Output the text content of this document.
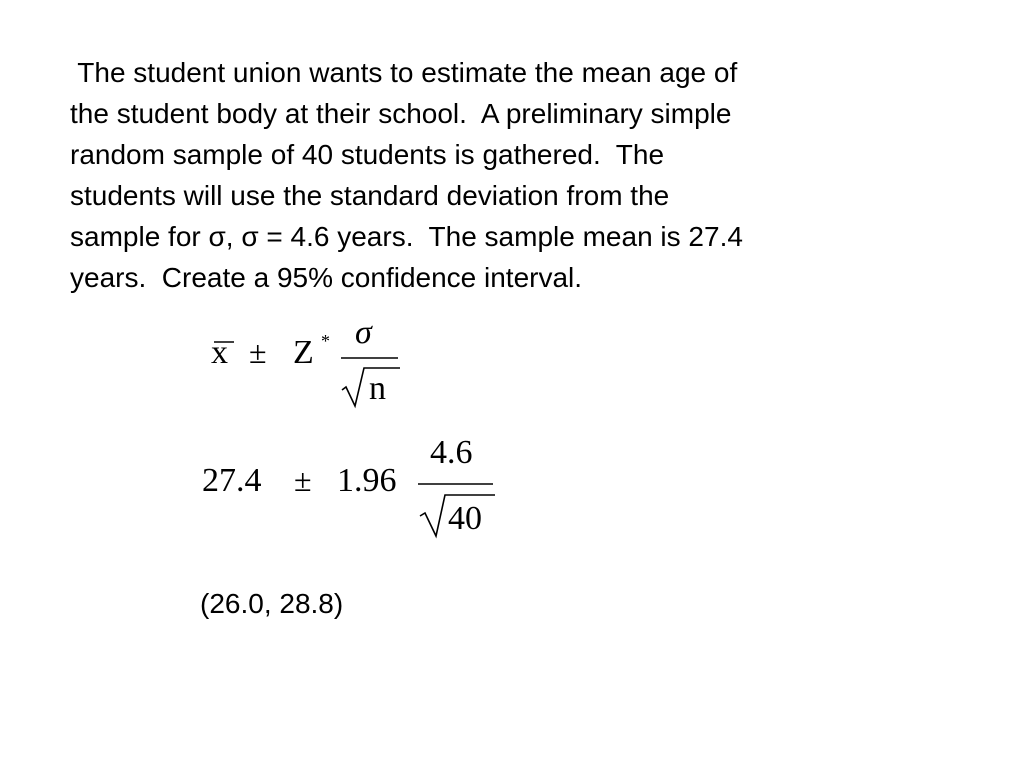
The student union wants to estimate the mean age of
the student body at their school.  A preliminary simple
random sample of 40 students is gathered.  The
students will use the standard deviation from the
sample for σ, σ = 4.6 years.  The sample mean is 27.4
years.  Create a 95% confidence interval.
x ± Z * σ
n
27.4 ± 1.96
4.6
40

(26.0, 28.8)
